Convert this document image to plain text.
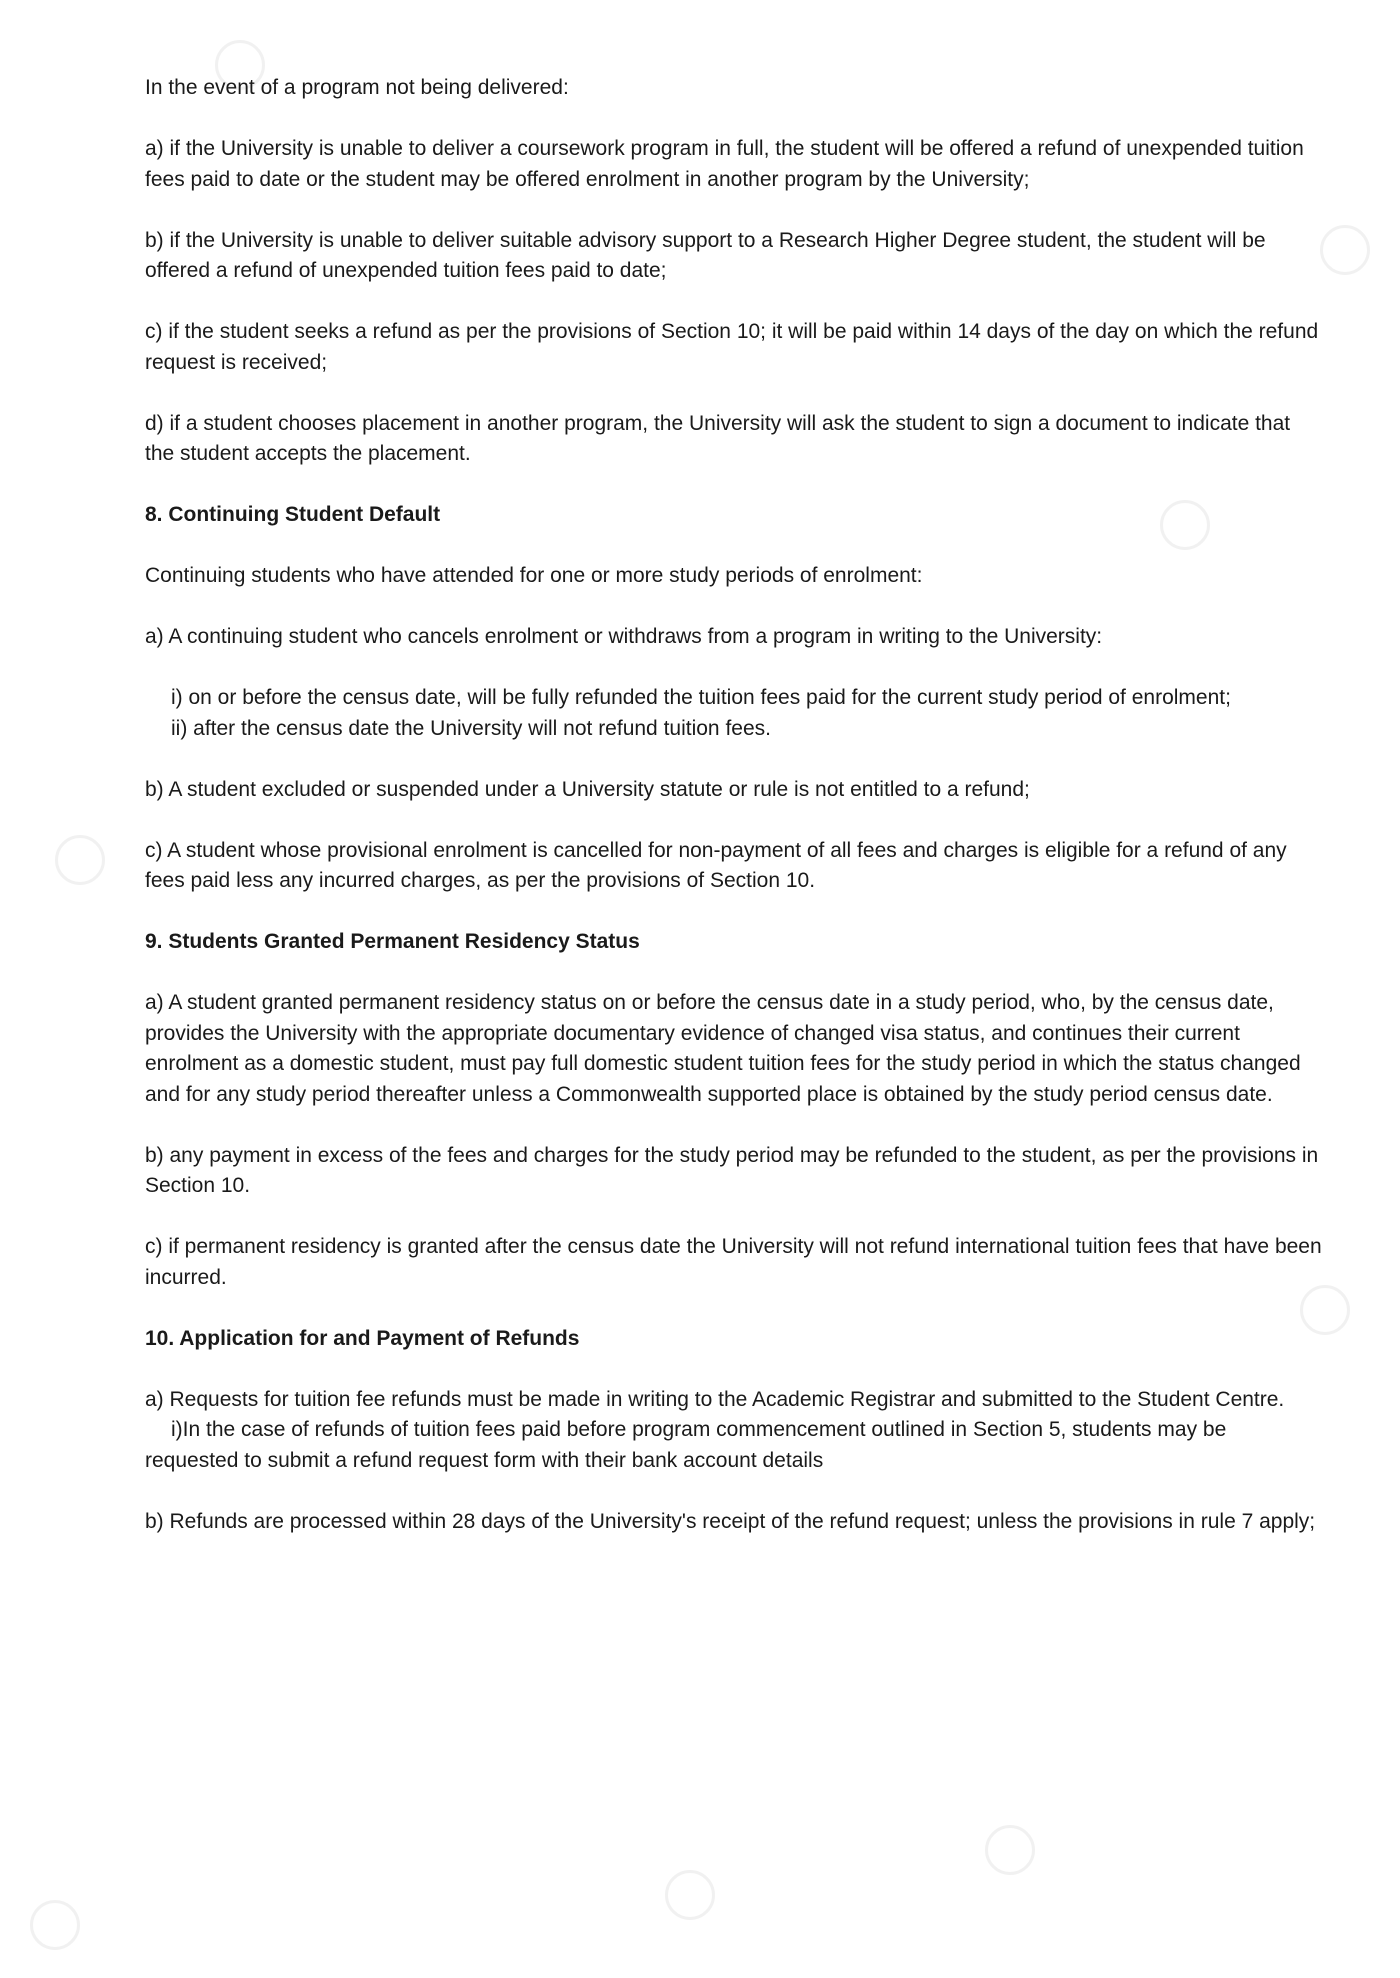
In the event of a program not being delivered:

a) if the University is unable to deliver a coursework program in full, the student will be offered a refund of unexpended tuition fees paid to date or the student may be offered enrolment in another program by the University;

b) if the University is unable to deliver suitable advisory support to a Research Higher Degree student, the student will be offered a refund of unexpended tuition fees paid to date;

c) if the student seeks a refund as per the provisions of Section 10; it will be paid within 14 days of the day on which the refund request is received;

d) if a student chooses placement in another program, the University will ask the student to sign a document to indicate that the student accepts the placement.

8. Continuing Student Default

Continuing students who have attended for one or more study periods of enrolment:

a) A continuing student who cancels enrolment or withdraws from a program in writing to the University:

i) on or before the census date, will be fully refunded the tuition fees paid for the current study period of enrolment;

ii) after the census date the University will not refund tuition fees.

b) A student excluded or suspended under a University statute or rule is not entitled to a refund;

c) A student whose provisional enrolment is cancelled for non-payment of all fees and charges is eligible for a refund of any fees paid less any incurred charges, as per the provisions of Section 10.

9. Students Granted Permanent Residency Status

a) A student granted permanent residency status on or before the census date in a study period, who, by the census date, provides the University with the appropriate documentary evidence of changed visa status, and continues their current enrolment as a domestic student, must pay full domestic student tuition fees for the study period in which the status changed and for any study period thereafter unless a Commonwealth supported place is obtained by the study period census date.

b) any payment in excess of the fees and charges for the study period may be refunded to the student, as per the provisions in Section 10.

c) if permanent residency is granted after the census date the University will not refund international tuition fees that have been incurred.

10. Application for and Payment of Refunds

a) Requests for tuition fee refunds must be made in writing to the Academic Registrar and submitted to the Student Centre.

i)In the case of refunds of tuition fees paid before program commencement outlined in Section 5, students may be requested to submit a refund request form with their bank account details

b) Refunds are processed within 28 days of the University's receipt of the refund request; unless the provisions in rule 7 apply;
